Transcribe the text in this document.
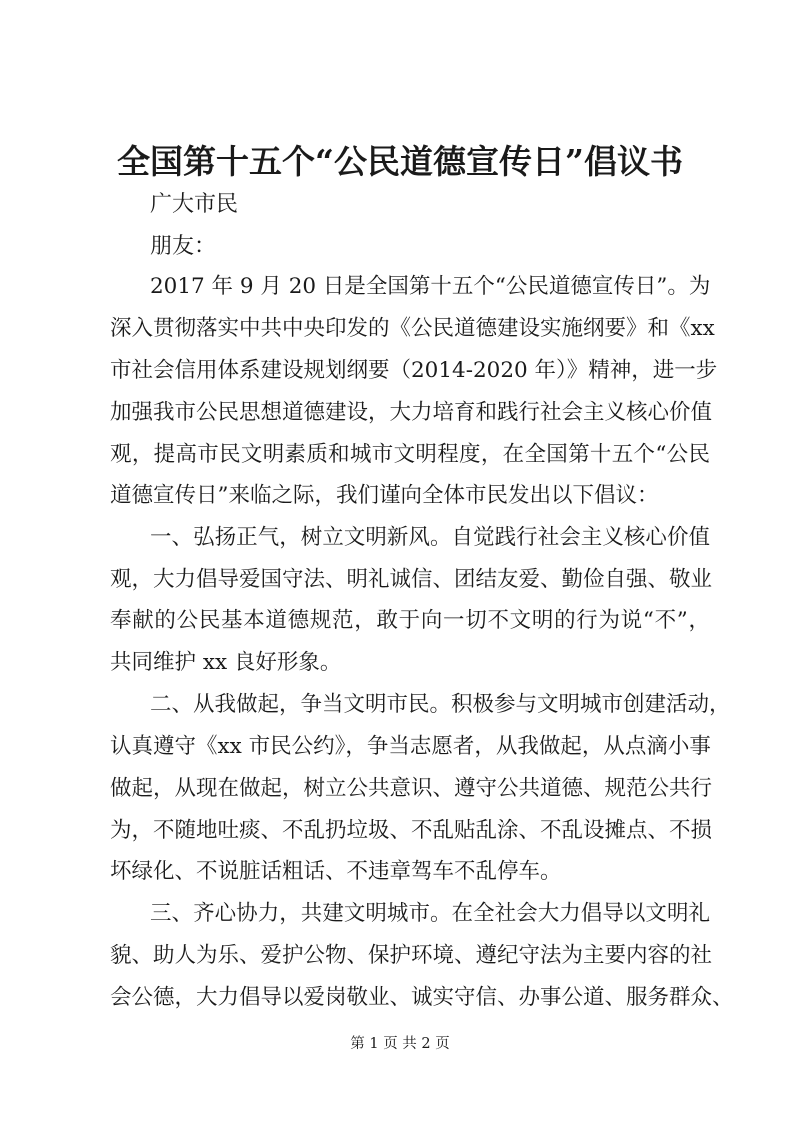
全国第十五个“公民道德宣传日”倡议书
广大市民
朋友：
2017 年 9 月 20 日是全国第十五个“公民道德宣传日”。为
深入贯彻落实中共中央印发的《公民道德建设实施纲要》和《xx
市社会信用体系建设规划纲要（2014-2020 年）》精神，进一步
加强我市公民思想道德建设，大力培育和践行社会主义核心价值
观，提高市民文明素质和城市文明程度，在全国第十五个“公民
道德宣传日”来临之际，我们谨向全体市民发出以下倡议：
一、弘扬正气，树立文明新风。自觉践行社会主义核心价值
观，大力倡导爱国守法、明礼诚信、团结友爱、勤俭自强、敬业
奉献的公民基本道德规范，敢于向一切不文明的行为说“不”，
共同维护 xx 良好形象。
二、从我做起，争当文明市民。积极参与文明城市创建活动，
认真遵守《xx 市民公约》，争当志愿者，从我做起，从点滴小事
做起，从现在做起，树立公共意识、遵守公共道德、规范公共行
为，不随地吐痰、不乱扔垃圾、不乱贴乱涂、不乱设摊点、不损
坏绿化、不说脏话粗话、不违章驾车不乱停车。
三、齐心协力，共建文明城市。在全社会大力倡导以文明礼
貌、助人为乐、爱护公物、保护环境、遵纪守法为主要内容的社
会公德，大力倡导以爱岗敬业、诚实守信、办事公道、服务群众、
第 1 页 共 2 页
